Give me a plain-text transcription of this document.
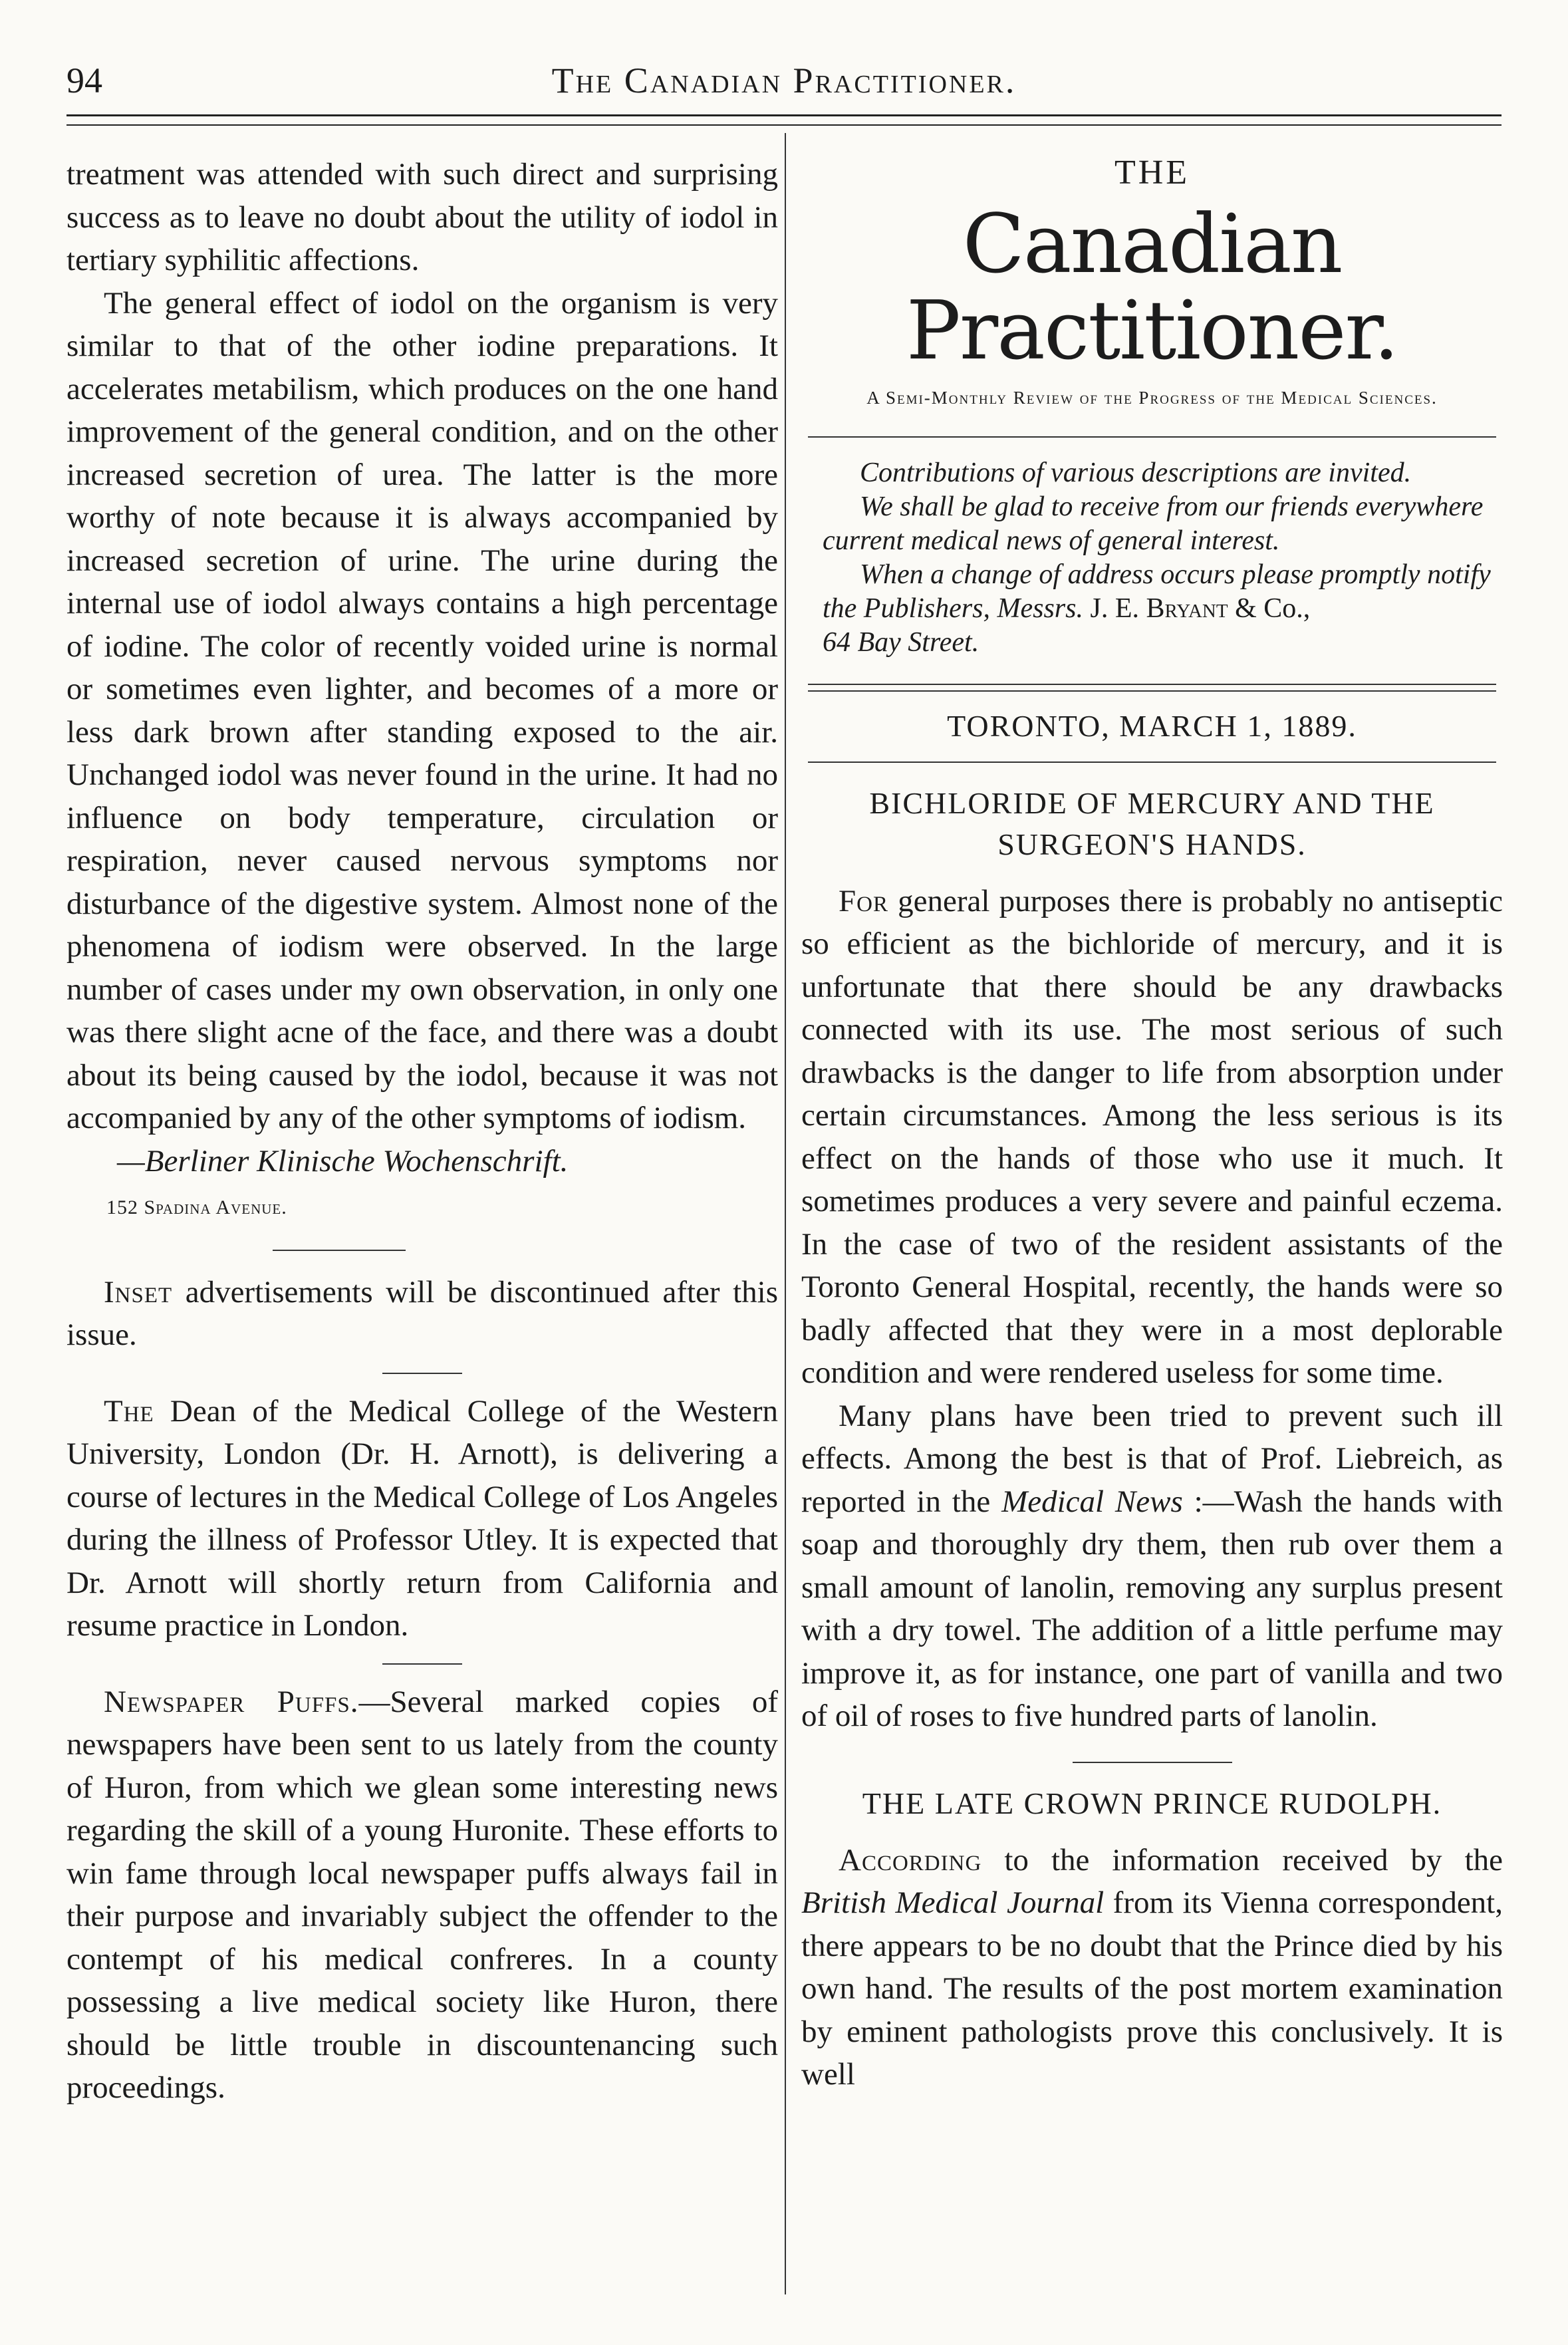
94	The Canadian Practitioner.

treatment was attended with such direct and surprising success as to leave no doubt about the utility of iodol in tertiary syphilitic affections.

The general effect of iodol on the organism is very similar to that of the other iodine preparations. It accelerates metabilism, which produces on the one hand improvement of the general condition, and on the other increased secretion of urea. The latter is the more worthy of note because it is always accompanied by increased secretion of urine. The urine during the internal use of iodol always contains a high percentage of iodine. The color of recently voided urine is normal or sometimes even lighter, and becomes of a more or less dark brown after standing exposed to the air. Unchanged iodol was never found in the urine. It had no influence on body temperature, circulation or respiration, never caused nervous symptoms nor disturbance of the digestive system. Almost none of the phenomena of iodism were observed. In the large number of cases under my own observation, in only one was there slight acne of the face, and there was a doubt about its being caused by the iodol, because it was not accompanied by any of the other symptoms of iodism.

—Berliner Klinische Wochenschrift.

152 Spadina Avenue.

Inset advertisements will be discontinued after this issue.

The Dean of the Medical College of the Western University, London (Dr. H. Arnott), is delivering a course of lectures in the Medical College of Los Angeles during the illness of Professor Utley. It is expected that Dr. Arnott will shortly return from California and resume practice in London.

Newspaper Puffs.—Several marked copies of newspapers have been sent to us lately from the county of Huron, from which we glean some interesting news regarding the skill of a young Huronite. These efforts to win fame through local newspaper puffs always fail in their purpose and invariably subject the offender to the contempt of his medical confreres. In a county possessing a live medical society like Huron, there should be little trouble in discountenancing such proceedings.

THE
Canadian Practitioner.
A Semi-Monthly Review of the Progress of the Medical Sciences.

Contributions of various descriptions are invited.

We shall be glad to receive from our friends everywhere current medical news of general interest.

When a change of address occurs please promptly notify the Publishers, Messrs. J. E. Bryant & Co.,
64 Bay Street.

TORONTO, MARCH 1, 1889.
BICHLORIDE OF MERCURY AND THE SURGEON'S HANDS.

For general purposes there is probably no antiseptic so efficient as the bichloride of mercury, and it is unfortunate that there should be any drawbacks connected with its use. The most serious of such drawbacks is the danger to life from absorption under certain circumstances. Among the less serious is its effect on the hands of those who use it much. It sometimes produces a very severe and painful eczema. In the case of two of the resident assistants of the Toronto General Hospital, recently, the hands were so badly affected that they were in a most deplorable condition and were rendered useless for some time.

Many plans have been tried to prevent such ill effects. Among the best is that of Prof. Liebreich, as reported in the Medical News :—Wash the hands with soap and thoroughly dry them, then rub over them a small amount of lanolin, removing any surplus present with a dry towel. The addition of a little perfume may improve it, as for instance, one part of vanilla and two of oil of roses to five hundred parts of lanolin.

THE LATE CROWN PRINCE RUDOLPH.

According to the information received by the British Medical Journal from its Vienna correspondent, there appears to be no doubt that the Prince died by his own hand. The results of the post mortem examination by eminent pathologists prove this conclusively. It is well
